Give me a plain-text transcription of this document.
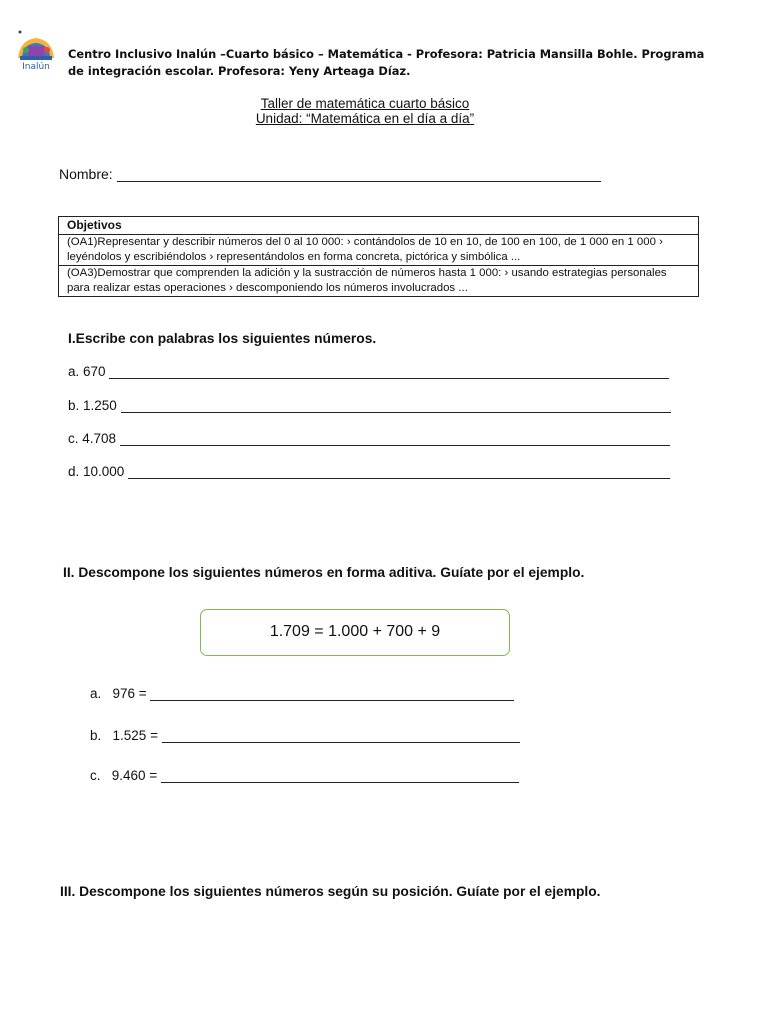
Inalún
Centro Inclusivo Inalún –Cuarto básico – Matemática - Profesora: Patricia Mansilla Bohle. Programa de integración escolar. Profesora: Yeny Arteaga Díaz.
Taller de matemática cuarto básico
Unidad: “Matemática en el día a día”
Nombre:
Objetivos
(OA1)Representar y describir números del 0 al 10 000: › contándolos de 10 en 10, de 100 en 100, de 1 000 en 1 000 › leyéndolos y escribiéndolos › representándolos en forma concreta, pictórica y simbólica ...
(OA3)Demostrar que comprenden la adición y la sustracción de números hasta 1 000: › usando estrategias personales para realizar estas operaciones › descomponiendo los números involucrados ...
I.Escribe con palabras los siguientes números.
a. 670
b. 1.250
c. 4.708
d. 10.000
II. Descompone los siguientes números en forma aditiva. Guíate por el ejemplo.
1.709 = 1.000 + 700 + 9
a. 976 =
b. 1.525 =
c. 9.460 =
III. Descompone los siguientes números según su posición. Guíate por el ejemplo.
